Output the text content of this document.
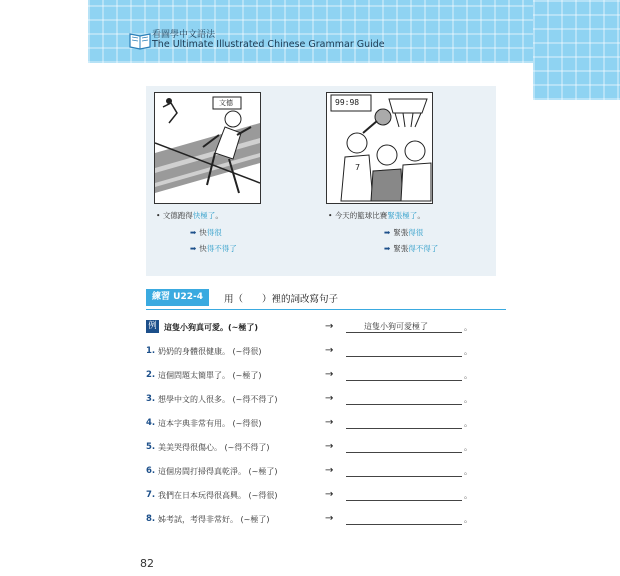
看圖學中文語法
The Ultimate Illustrated Chinese Grammar Guide
文德	99:98
7
• 文德跑得快極了。
➡ 快得很
➡ 快得不得了
• 今天的籃球比賽緊張極了。
➡ 緊張得很
➡ 緊張得不得了
練習 U22-4	用（　　）裡的詞改寫句子
例 這隻小狗真可愛。(~極了)	→	這隻小狗可愛極了	。
1. 奶奶的身體很健康。 (~得很)	→	。
2. 這個問題太簡單了。 (~極了)	→	。
3. 想學中文的人很多。 (~得不得了)	→	。
4. 這本字典非常有用。 (~得很)	→	。
5. 美美哭得很傷心。 (~得不得了)	→	。
6. 這個房間打掃得真乾淨。 (~極了)	→	。
7. 我們在日本玩得很高興。 (~得很)	→	。
8. 姊考試，考得非常好。 (~極了)	→	。
82
